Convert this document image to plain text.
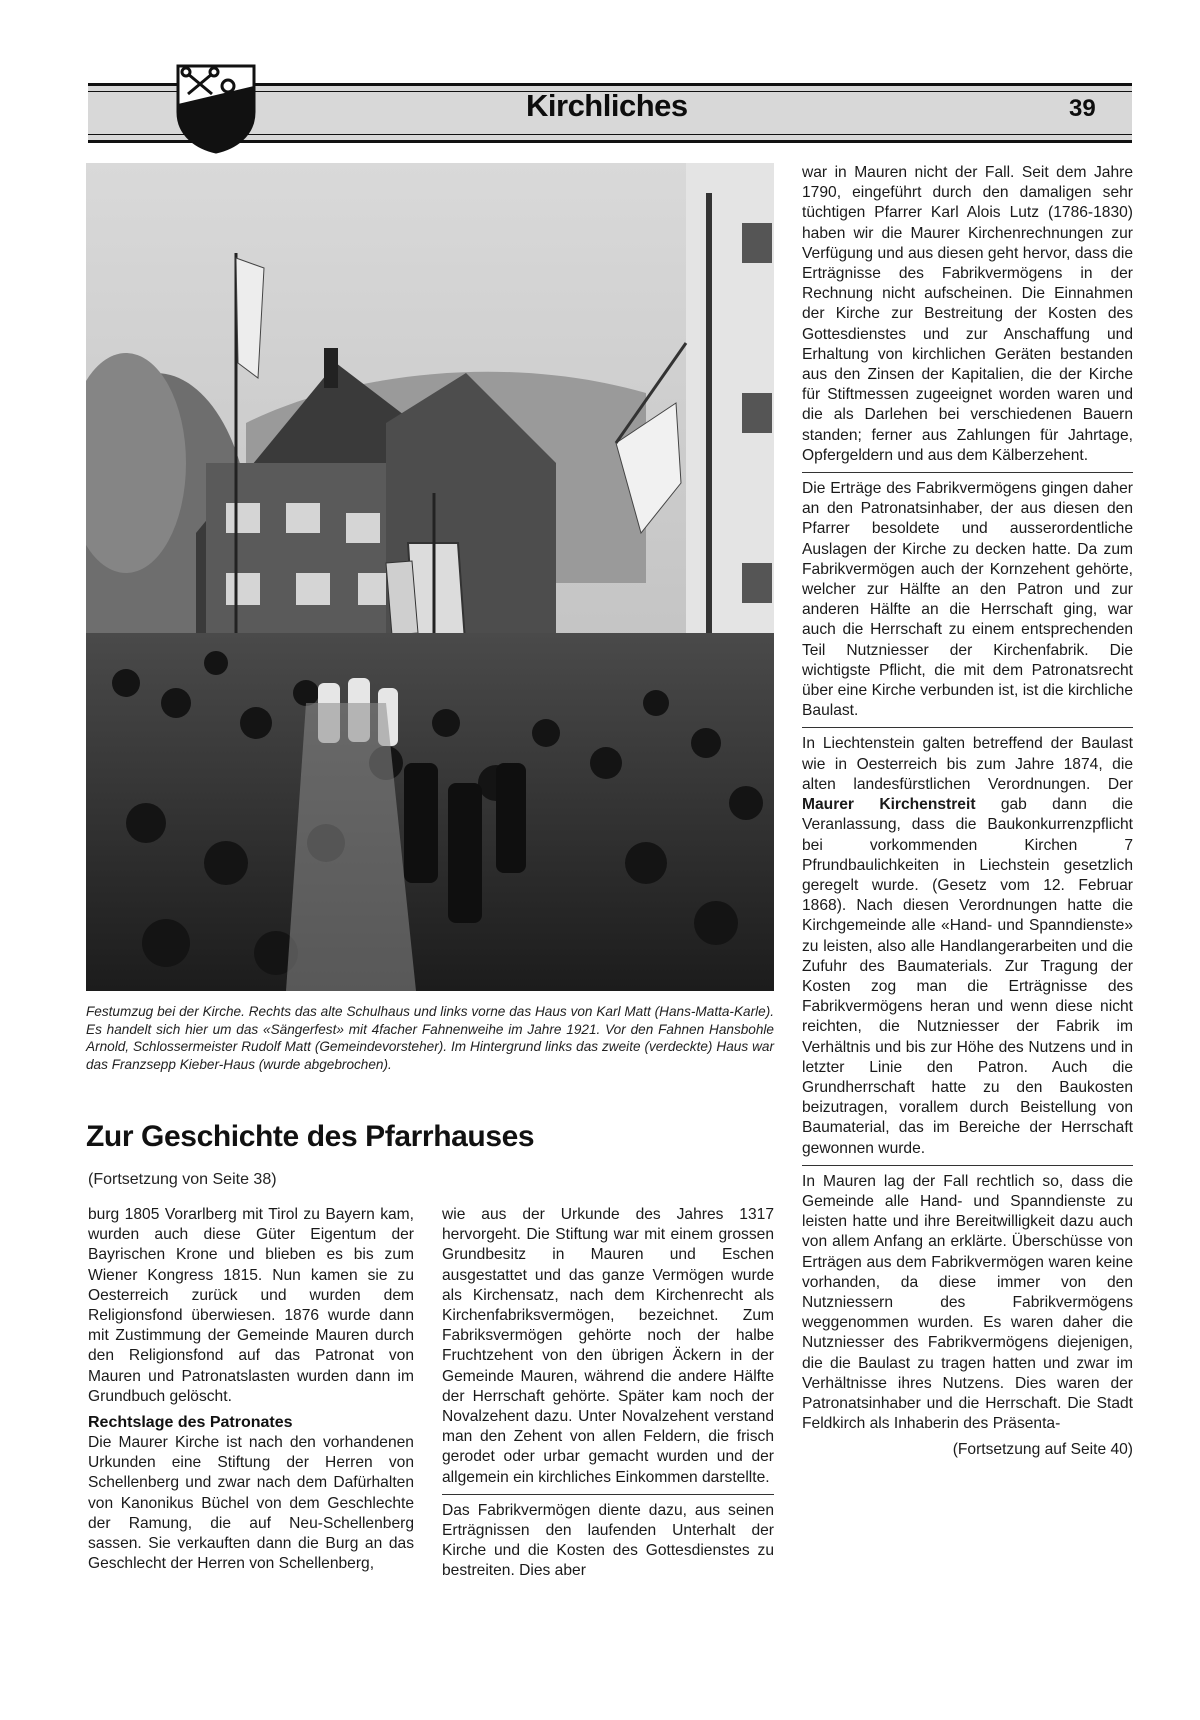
Kirchliches	39
Festumzug bei der Kirche. Rechts das alte Schulhaus und links vorne das Haus von Karl Matt (Hans-Matta-Karle). Es handelt sich hier um das «Sängerfest» mit 4facher Fahnenweihe im Jahre 1921. Vor den Fahnen Hansbohle Arnold, Schlossermeister Rudolf Matt (Gemeindevorsteher). Im Hintergrund links das zweite (verdeckte) Haus war das Franzsepp Kieber-Haus (wurde abgebrochen).
Zur Geschichte des Pfarrhauses
(Fortsetzung von Seite 38)

burg 1805 Vorarlberg mit Tirol zu Bayern kam, wurden auch diese Güter Eigentum der Bayrischen Krone und blieben es bis zum Wiener Kongress 1815. Nun kamen sie zu Oesterreich zurück und wurden dem Religionsfond überwiesen. 1876 wurde dann mit Zustimmung der Gemeinde Mauren durch den Religionsfond auf das Patronat von Mauren und Patronatslasten wurden dann im Grundbuch gelöscht.

Rechtslage des Patronates

Die Maurer Kirche ist nach den vorhandenen Urkunden eine Stiftung der Herren von Schellenberg und zwar nach dem Dafürhalten von Kanonikus Büchel von dem Geschlechte der Ramung, die auf Neu-Schellenberg sassen. Sie verkauften dann die Burg an das Geschlecht der Herren von Schellenberg,

wie aus der Urkunde des Jahres 1317 hervorgeht. Die Stiftung war mit einem grossen Grundbesitz in Mauren und Eschen ausgestattet und das ganze Vermögen wurde als Kirchensatz, nach dem Kirchenrecht als Kirchenfabriksvermögen, bezeichnet. Zum Fabriksvermögen gehörte noch der halbe Fruchtzehent von den übrigen Äckern in der Gemeinde Mauren, während die andere Hälfte der Herrschaft gehörte. Später kam noch der Novalzehent dazu. Unter Novalzehent verstand man den Zehent von allen Feldern, die frisch gerodet oder urbar gemacht wurden und der allgemein ein kirchliches Einkommen darstellte.

Das Fabrikvermögen diente dazu, aus seinen Erträgnissen den laufenden Unterhalt der Kirche und die Kosten des Gottesdienstes zu bestreiten. Dies aber

war in Mauren nicht der Fall. Seit dem Jahre 1790, eingeführt durch den damaligen sehr tüchtigen Pfarrer Karl Alois Lutz (1786-1830) haben wir die Maurer Kirchenrechnungen zur Verfügung und aus diesen geht hervor, dass die Erträgnisse des Fabrikvermögens in der Rechnung nicht aufscheinen. Die Einnahmen der Kirche zur Bestreitung der Kosten des Gottesdienstes und zur Anschaffung und Erhaltung von kirchlichen Geräten bestanden aus den Zinsen der Kapitalien, die der Kirche für Stiftmessen zugeeignet worden waren und die als Darlehen bei verschiedenen Bauern standen; ferner aus Zahlungen für Jahrtage, Opfergeldern und aus dem Kälberzehent.

Die Erträge des Fabrikvermögens gingen daher an den Patronatsinhaber, der aus diesen den Pfarrer besoldete und ausserordentliche Auslagen der Kirche zu decken hatte. Da zum Fabrikvermögen auch der Kornzehent gehörte, welcher zur Hälfte an den Patron und zur anderen Hälfte an die Herrschaft ging, war auch die Herrschaft zu einem entsprechenden Teil Nutzniesser der Kirchenfabrik. Die wichtigste Pflicht, die mit dem Patronatsrecht über eine Kirche verbunden ist, ist die kirchliche Baulast.

In Liechtenstein galten betreffend der Baulast wie in Oesterreich bis zum Jahre 1874, die alten landesfürstlichen Verordnungen. Der Maurer Kirchenstreit gab dann die Veranlassung, dass die Baukonkurrenzpflicht bei vorkommenden Kirchen 7 Pfrundbaulichkeiten in Liechstein gesetzlich geregelt wurde. (Gesetz vom 12. Februar 1868). Nach diesen Verordnungen hatte die Kirchgemeinde alle «Hand- und Spanndienste» zu leisten, also alle Handlangerarbeiten und die Zufuhr des Baumaterials. Zur Tragung der Kosten zog man die Erträgnisse des Fabrikvermögens heran und wenn diese nicht reichten, die Nutzniesser der Fabrik im Verhältnis und bis zur Höhe des Nutzens und in letzter Linie den Patron. Auch die Grundherrschaft hatte zu den Baukosten beizutragen, vorallem durch Beistellung von Baumaterial, das im Bereiche der Herrschaft gewonnen wurde.

In Mauren lag der Fall rechtlich so, dass die Gemeinde alle Hand- und Spanndienste zu leisten hatte und ihre Bereitwilligkeit dazu auch von allem Anfang an erklärte. Überschüsse von Erträgen aus dem Fabrikvermögen waren keine vorhanden, da diese immer von den Nutzniessern des Fabrikvermögens weggenommen wurden. Es waren daher die Nutzniesser des Fabrikvermögens diejenigen, die die Baulast zu tragen hatten und zwar im Verhältnisse ihres Nutzens. Dies waren der Patronatsinhaber und die Herrschaft. Die Stadt Feldkirch als Inhaberin des Präsenta-

(Fortsetzung auf Seite 40)
